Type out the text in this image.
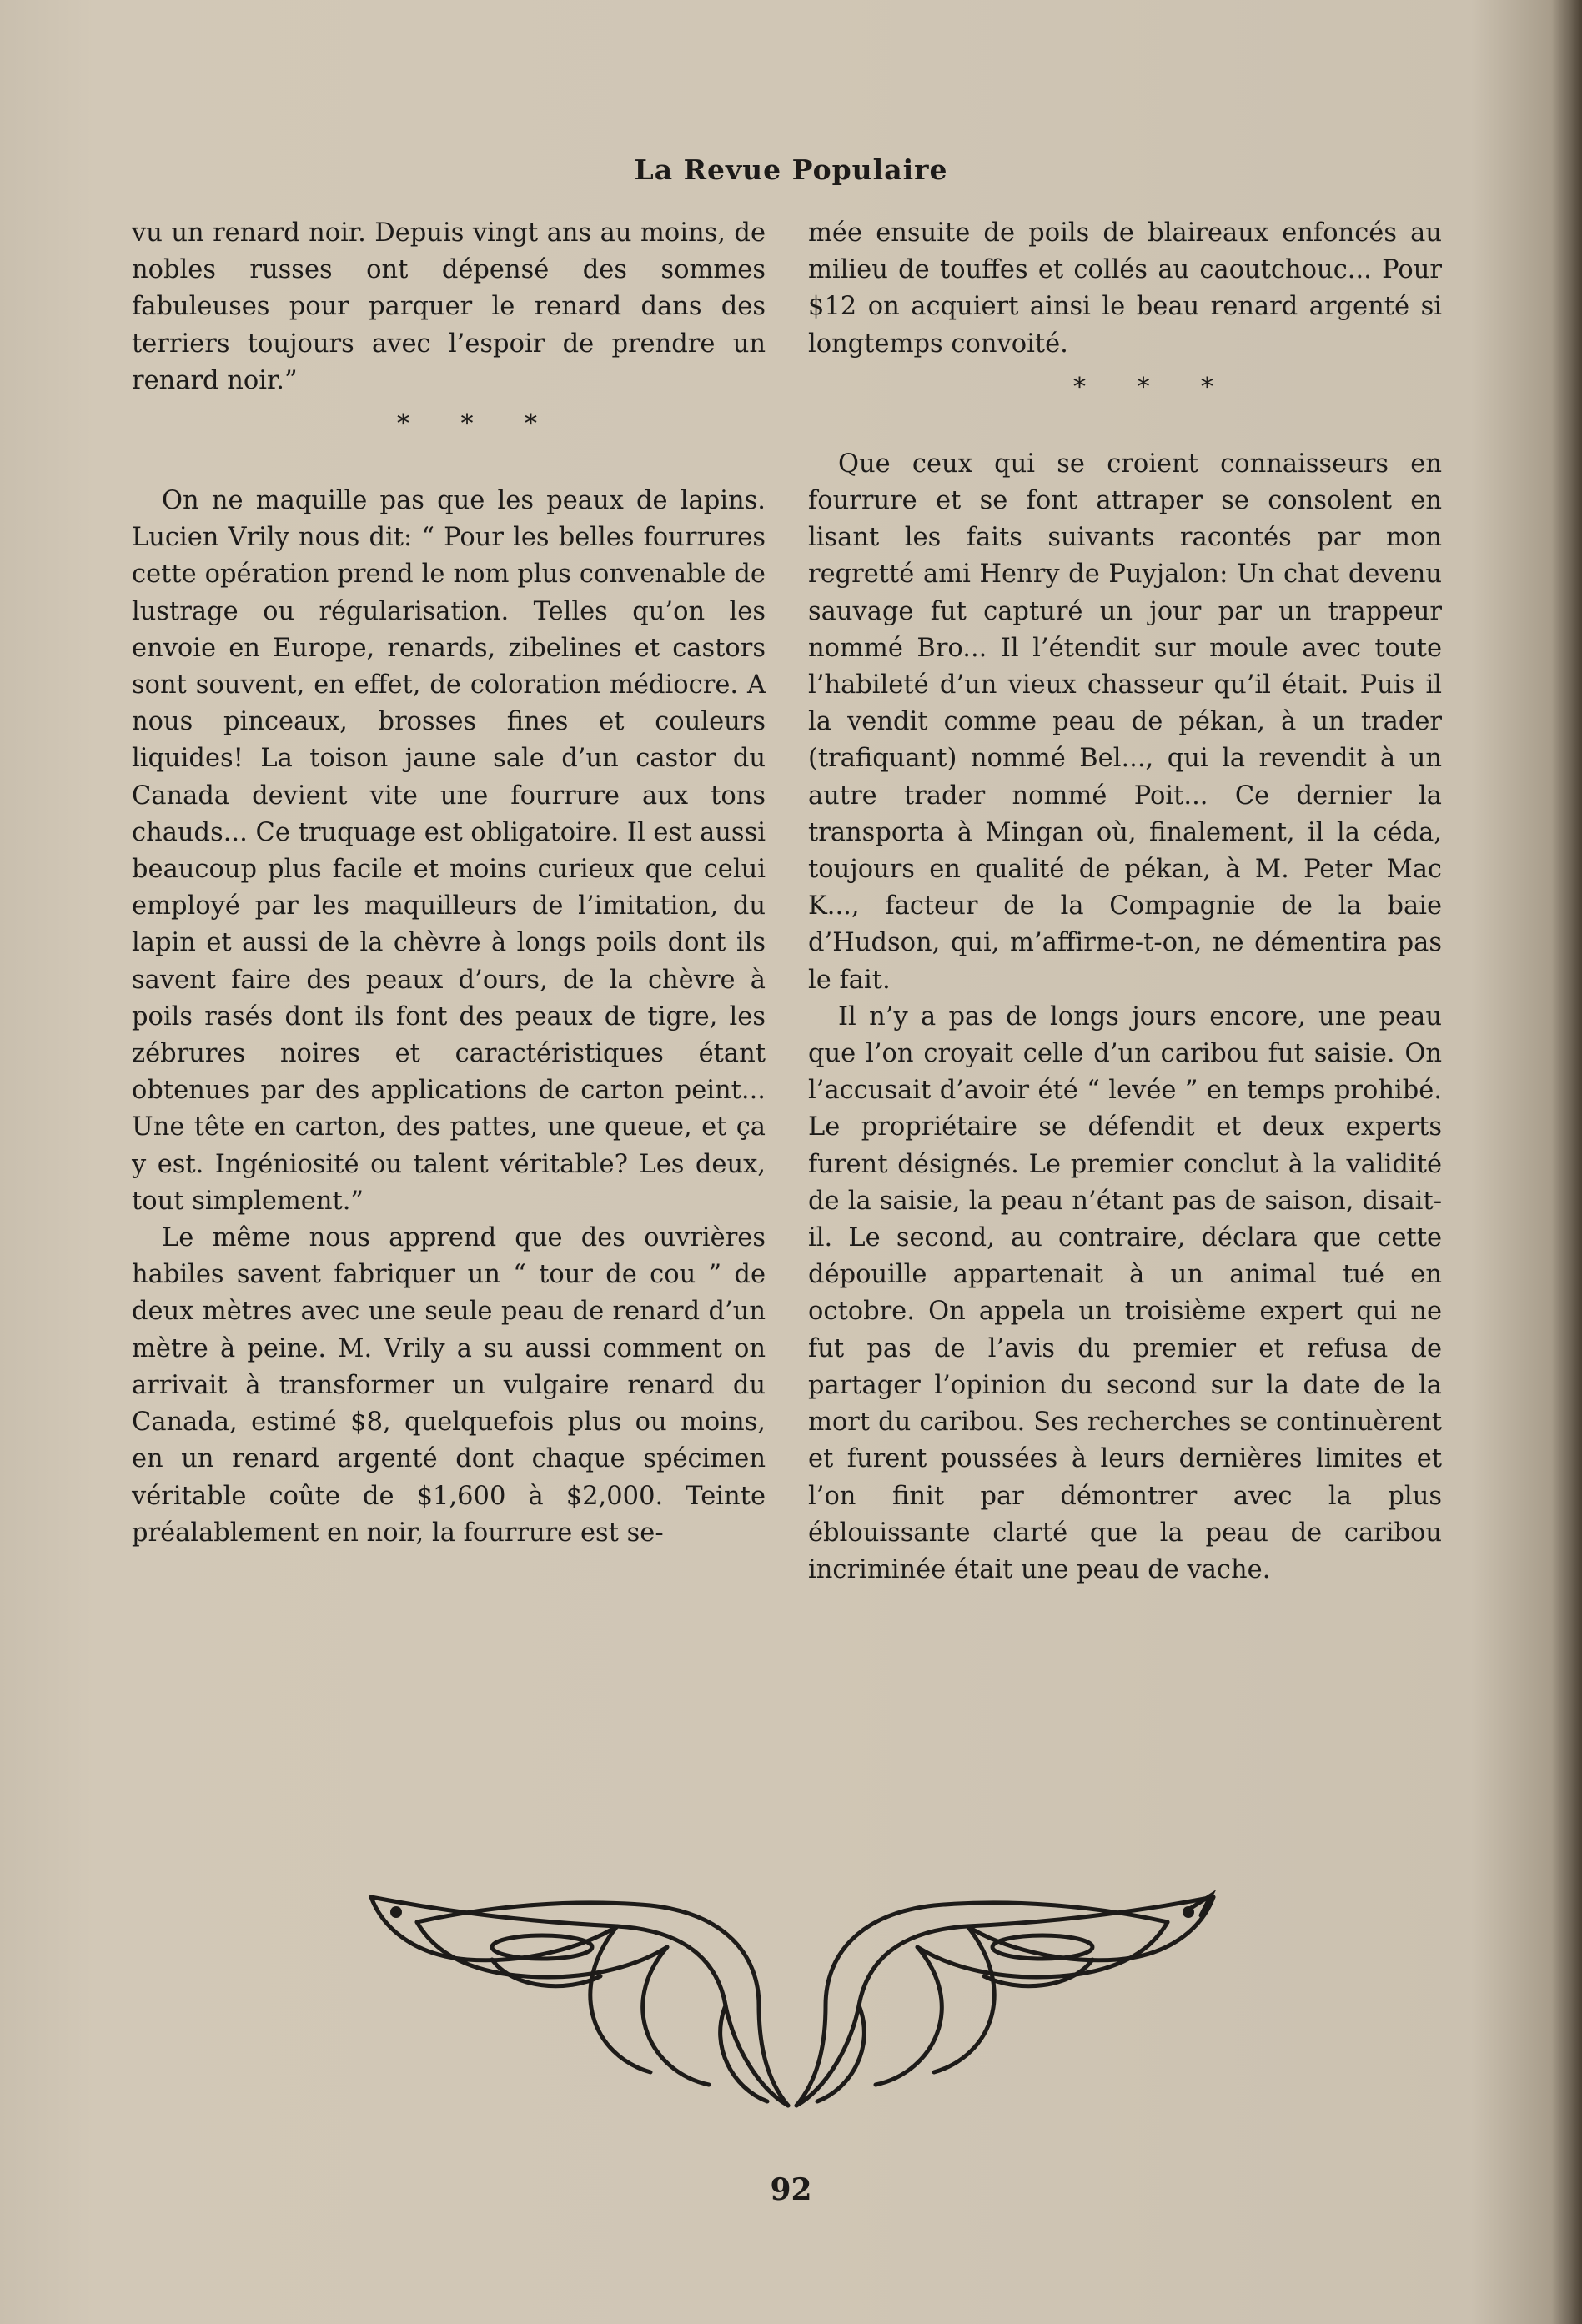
La Revue Populaire

vu un renard noir. Depuis vingt ans au moins, de nobles russes ont dépensé des sommes fabuleuses pour parquer le renard dans des terriers toujours avec l’espoir de prendre un renard noir.”

* * *

On ne maquille pas que les peaux de lapins. Lucien Vrily nous dit: “ Pour les belles fourrures cette opération prend le nom plus convenable de lustrage ou régularisation. Telles qu’on les envoie en Europe, renards, zibelines et castors sont souvent, en effet, de coloration médiocre. A nous pinceaux, brosses fines et couleurs liquides! La toison jaune sale d’un castor du Canada devient vite une fourrure aux tons chauds... Ce truquage est obligatoire. Il est aussi beaucoup plus facile et moins curieux que celui employé par les maquilleurs de l’imitation, du lapin et aussi de la chèvre à longs poils dont ils savent faire des peaux d’ours, de la chèvre à poils rasés dont ils font des peaux de tigre, les zébrures noires et caractéristiques étant obtenues par des applications de carton peint... Une tête en carton, des pattes, une queue, et ça y est. Ingéniosité ou talent véritable? Les deux, tout simplement.”

Le même nous apprend que des ouvrières habiles savent fabriquer un “ tour de cou ” de deux mètres avec une seule peau de renard d’un mètre à peine. M. Vrily a su aussi comment on arrivait à transformer un vulgaire renard du Canada, estimé $8, quelquefois plus ou moins, en un renard argenté dont chaque spécimen véritable coûte de $1,600 à $2,000. Teinte préalablement en noir, la fourrure est se-

mée ensuite de poils de blaireaux enfoncés au milieu de touffes et collés au caoutchouc... Pour $12 on acquiert ainsi le beau renard argenté si longtemps convoité.

* * *

Que ceux qui se croient connaisseurs en fourrure et se font attraper se consolent en lisant les faits suivants racontés par mon regretté ami Henry de Puyjalon: Un chat devenu sauvage fut capturé un jour par un trappeur nommé Bro... Il l’étendit sur moule avec toute l’habileté d’un vieux chasseur qu’il était. Puis il la vendit comme peau de pékan, à un trader (trafiquant) nommé Bel..., qui la revendit à un autre trader nommé Poit... Ce dernier la transporta à Mingan où, finalement, il la céda, toujours en qualité de pékan, à M. Peter Mac K..., facteur de la Compagnie de la baie d’Hudson, qui, m’affirme-t-on, ne démentira pas le fait.

Il n’y a pas de longs jours encore, une peau que l’on croyait celle d’un caribou fut saisie. On l’accusait d’avoir été “ levée ” en temps prohibé. Le propriétaire se défendit et deux experts furent désignés. Le premier conclut à la validité de la saisie, la peau n’étant pas de saison, disait-il. Le second, au contraire, déclara que cette dépouille appartenait à un animal tué en octobre. On appela un troisième expert qui ne fut pas de l’avis du premier et refusa de partager l’opinion du second sur la date de la mort du caribou. Ses recherches se continuèrent et furent poussées à leurs dernières limites et l’on finit par démontrer avec la plus éblouissante clarté que la peau de caribou incriminée était une peau de vache.

92
